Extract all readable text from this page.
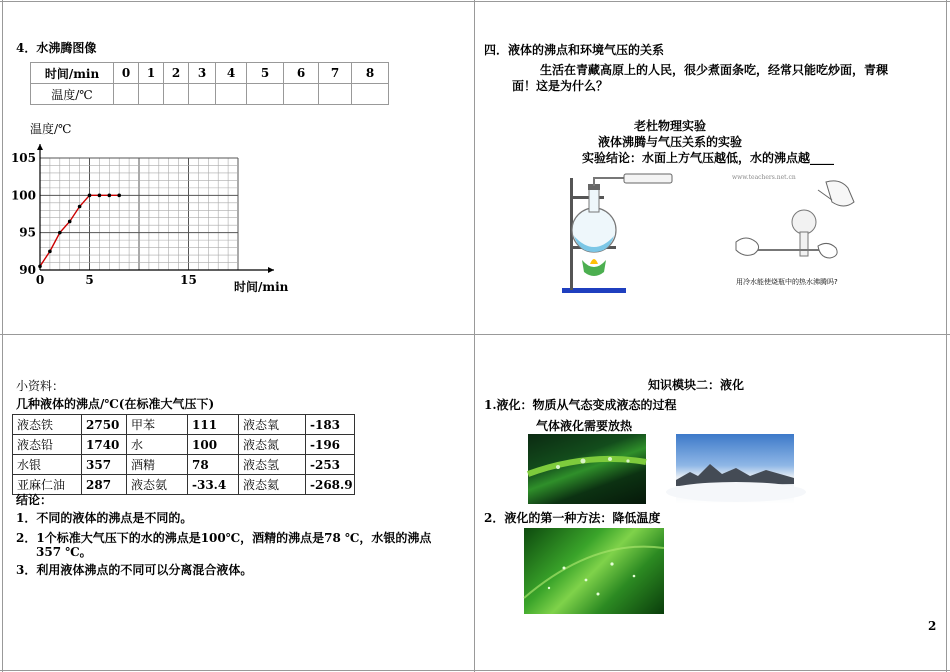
4．水沸腾图像
时间/min	0	1	2	3	4	5	6	7	8
温度/℃									
温度/℃
90
95
100
105
0	5	15	时间/min
四．液体的沸点和环境气压的关系
生活在青藏高原上的人民，很少煮面条吃，经常只能吃炒面，青稞
面！这是为什么？
老杜物理实验
液体沸腾与气压关系的实验
实验结论：水面上方气压越低，水的沸点越____
www.teachers.net.cn
用冷水能使烧瓶中的热水沸腾吗?
小资料：
几种液体的沸点/℃(在标准大气压下)
液态铁	2750	甲苯	111	液态氧	-183
液态铅	1740	水	100	液态氮	-196
水银	357	酒精	78	液态氢	-253
亚麻仁油	287	液态氨	-33.4	液态氦	-268.9
结论：
1．不同的液体的沸点是不同的。
2．1个标准大气压下的水的沸点是100℃，酒精的沸点是78 ℃，水银的沸点
357 ℃。
3．利用液体沸点的不同可以分离混合液体。
知识模块二：液化
1.液化：物质从气态变成液态的过程
气体液化需要放热
2．液化的第一种方法：降低温度
2
